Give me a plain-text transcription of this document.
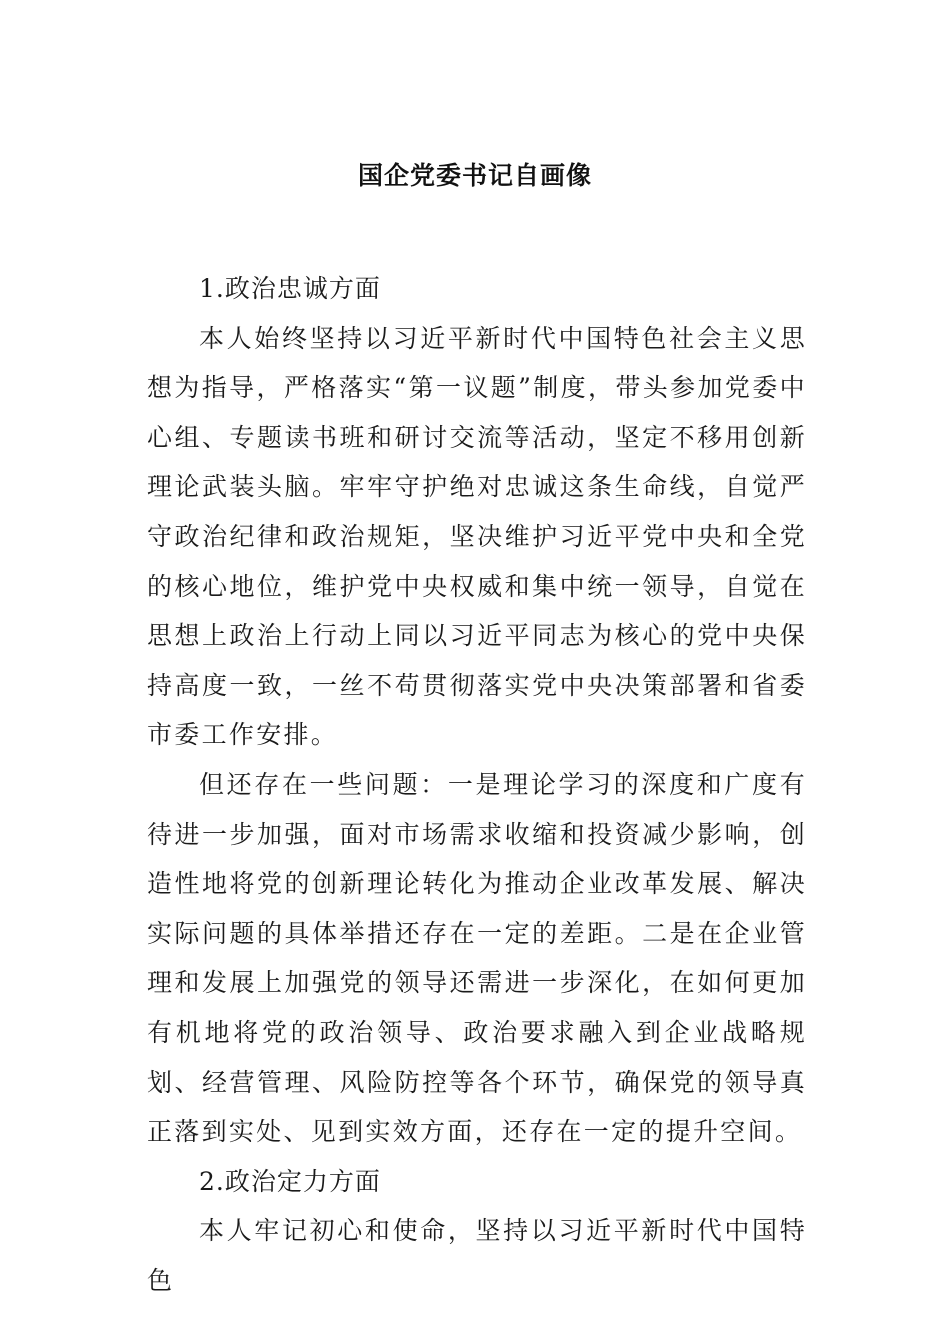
国企党委书记自画像

1.政治忠诚方面

本人始终坚持以习近平新时代中国特色社会主义思想为指导，严格落实“第一议题”制度，带头参加党委中心组、专题读书班和研讨交流等活动，坚定不移用创新理论武装头脑。牢牢守护绝对忠诚这条生命线，自觉严守政治纪律和政治规矩，坚决维护习近平党中央和全党的核心地位，维护党中央权威和集中统一领导，自觉在思想上政治上行动上同以习近平同志为核心的党中央保持高度一致，一丝不苟贯彻落实党中央决策部署和省委市委工作安排。

但还存在一些问题：一是理论学习的深度和广度有待进一步加强，面对市场需求收缩和投资减少影响，创造性地将党的创新理论转化为推动企业改革发展、解决实际问题的具体举措还存在一定的差距。二是在企业管理和发展上加强党的领导还需进一步深化，在如何更加有机地将党的政治领导、政治要求融入到企业战略规划、经营管理、风险防控等各个环节，确保党的领导真正落到实处、见到实效方面，还存在一定的提升空间。

2.政治定力方面

本人牢记初心和使命，坚持以习近平新时代中国特色
